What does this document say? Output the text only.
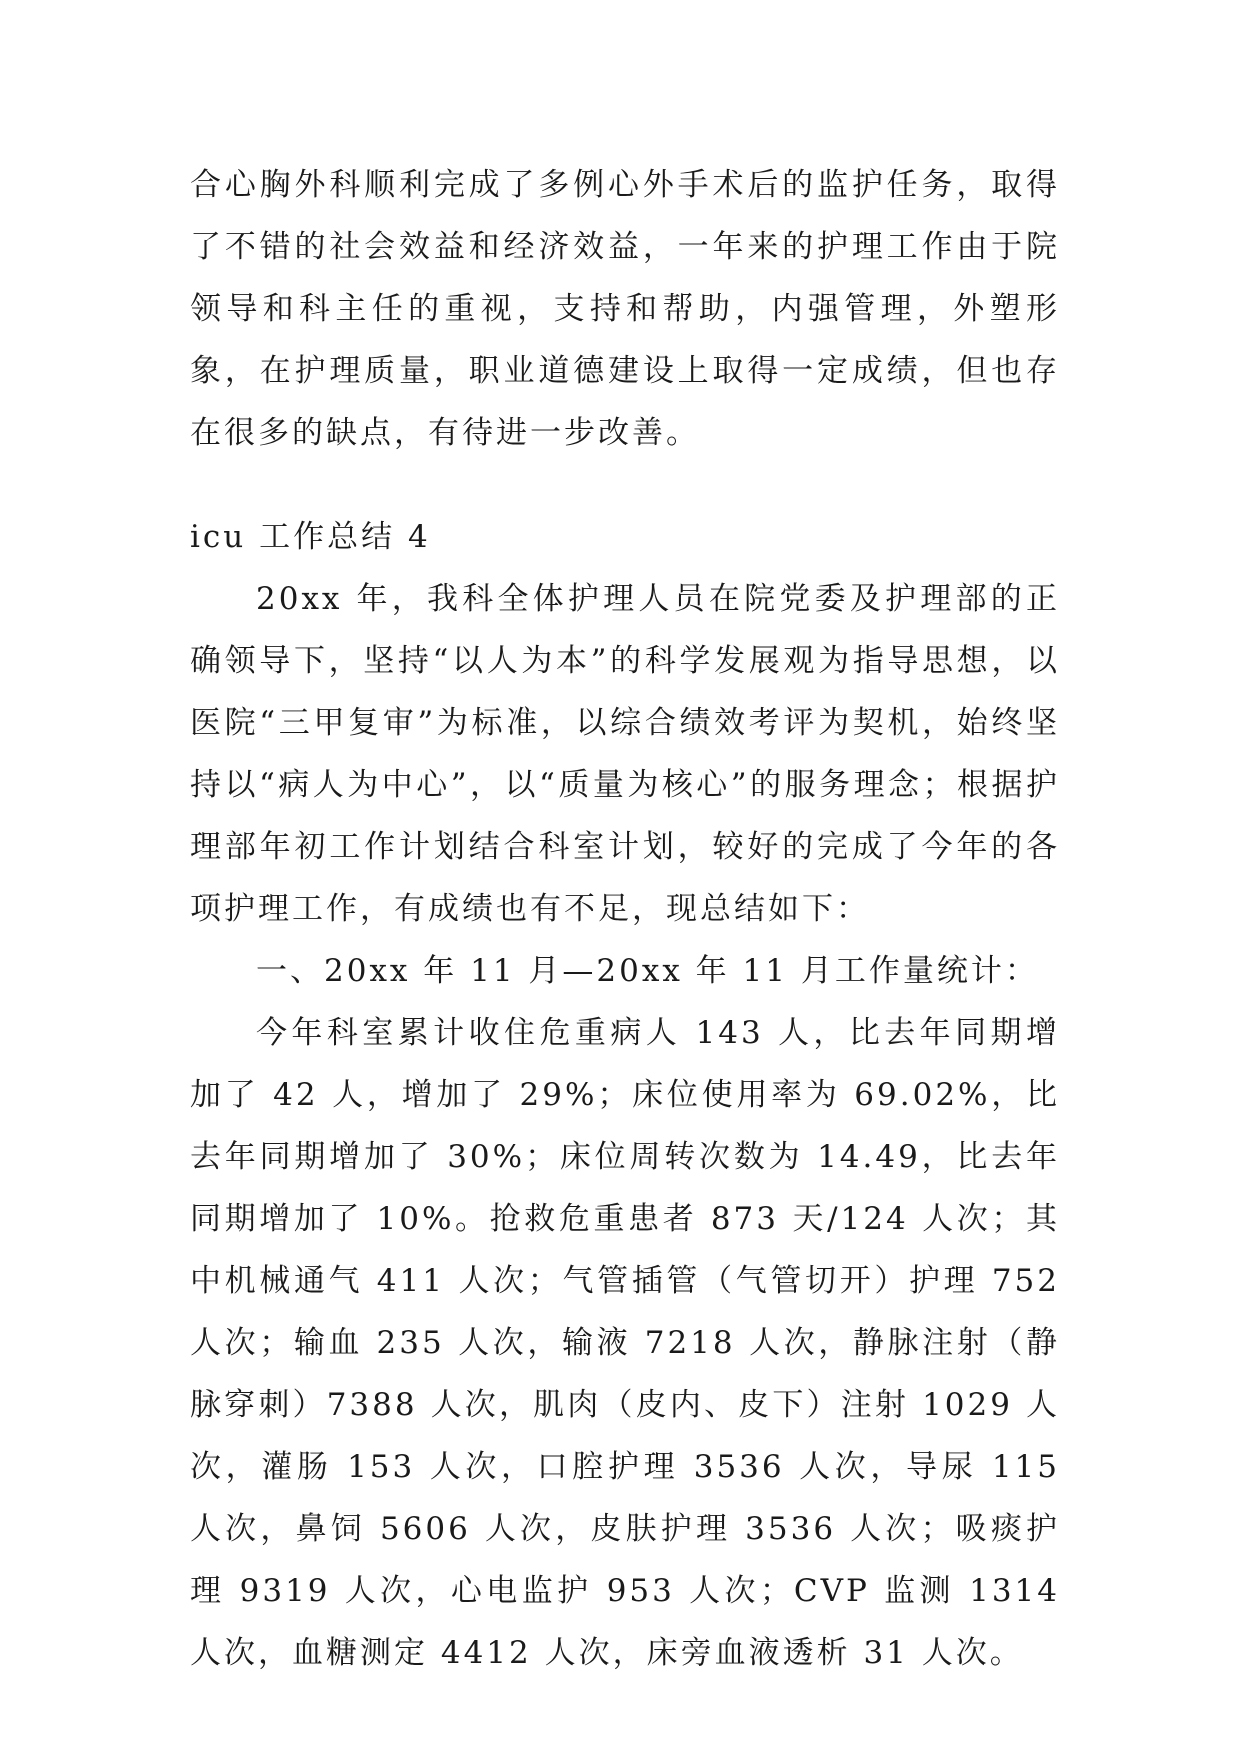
合心胸外科顺利完成了多例心外手术后的监护任务，取得了不错的社会效益和经济效益，一年来的护理工作由于院领导和科主任的重视，支持和帮助，内强管理，外塑形象，在护理质量，职业道德建设上取得一定成绩，但也存在很多的缺点，有待进一步改善。

icu 工作总结 4

20xx 年，我科全体护理人员在院党委及护理部的正确领导下，坚持“以人为本”的科学发展观为指导思想，以医院“三甲复审”为标准，以综合绩效考评为契机，始终坚持以“病人为中心”，以“质量为核心”的服务理念；根据护理部年初工作计划结合科室计划，较好的完成了今年的各项护理工作，有成绩也有不足，现总结如下：

一、20xx 年 11 月—20xx 年 11 月工作量统计：

今年科室累计收住危重病人 143 人，比去年同期增加了 42 人，增加了 29%；床位使用率为 69.02%，比去年同期增加了 30%；床位周转次数为 14.49，比去年同期增加了 10%。抢救危重患者 873 天/124 人次；其中机械通气 411 人次；气管插管（气管切开）护理 752 人次；输血 235 人次，输液 7218 人次，静脉注射（静脉穿刺）7388 人次，肌肉（皮内、皮下）注射 1029 人次，灌肠 153 人次，口腔护理 3536 人次，导尿 115 人次，鼻饲 5606 人次，皮肤护理 3536 人次；吸痰护理 9319 人次，心电监护 953 人次；CVP 监测 1314 人次，血糖测定 4412 人次，床旁血液透析 31 人次。
